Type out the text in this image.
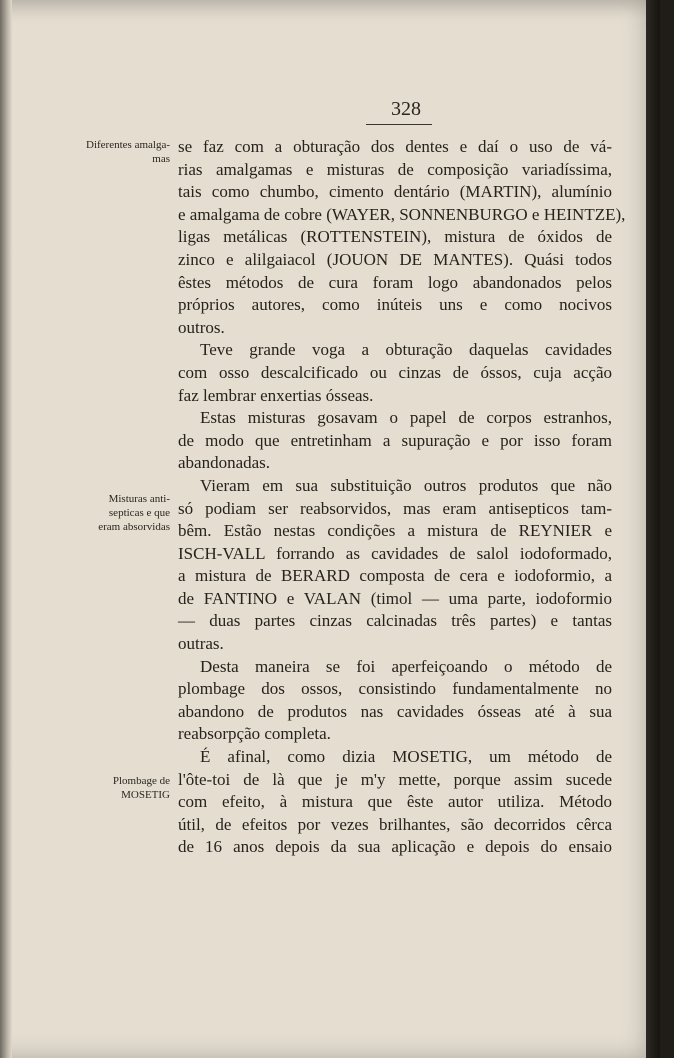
328
Diferentes amalga- mas
Misturas anti- septicas e que eram absorvidas
Plombage de MOSETIG
se faz com a obturação dos dentes e daí o uso de vá-
rias amalgamas e misturas de composição variadíssima,
tais como chumbo, cimento dentário (MARTIN), alumínio
e amalgama de cobre (WAYER, SONNENBURGO e HEINTZE),
ligas metálicas (ROTTENSTEIN), mistura de óxidos de
zinco e alilgaiacol (JOUON DE MANTES). Quási todos
êstes métodos de cura foram logo abandonados pelos
próprios autores, como inúteis uns e como nocivos
outros.
Teve grande voga a obturação daquelas cavidades
com osso descalcificado ou cinzas de óssos, cuja acção
faz lembrar enxertias ósseas.
Estas misturas gosavam o papel de corpos estranhos,
de modo que entretinham a supuração e por isso foram
abandonadas.
Vieram em sua substituição outros produtos que não
só podiam ser reabsorvidos, mas eram antisepticos tam-
bêm. Estão nestas condições a mistura de REYNIER e
ISCH-VALL forrando as cavidades de salol iodoformado,
a mistura de BERARD composta de cera e iodoformio, a
de FANTINO e VALAN (timol — uma parte, iodoformio
— duas partes cinzas calcinadas três partes) e tantas
outras.
Desta maneira se foi aperfeiçoando o método de
plombage dos ossos, consistindo fundamentalmente no
abandono de produtos nas cavidades ósseas até à sua
reabsorpção completa.
É afinal, como dizia MOSETIG, um método de
l'ôte-toi de là que je m'y mette, porque assim sucede
com efeito, à mistura que êste autor utiliza. Método
útil, de efeitos por vezes brilhantes, são decorridos cêrca
de 16 anos depois da sua aplicação e depois do ensaio
